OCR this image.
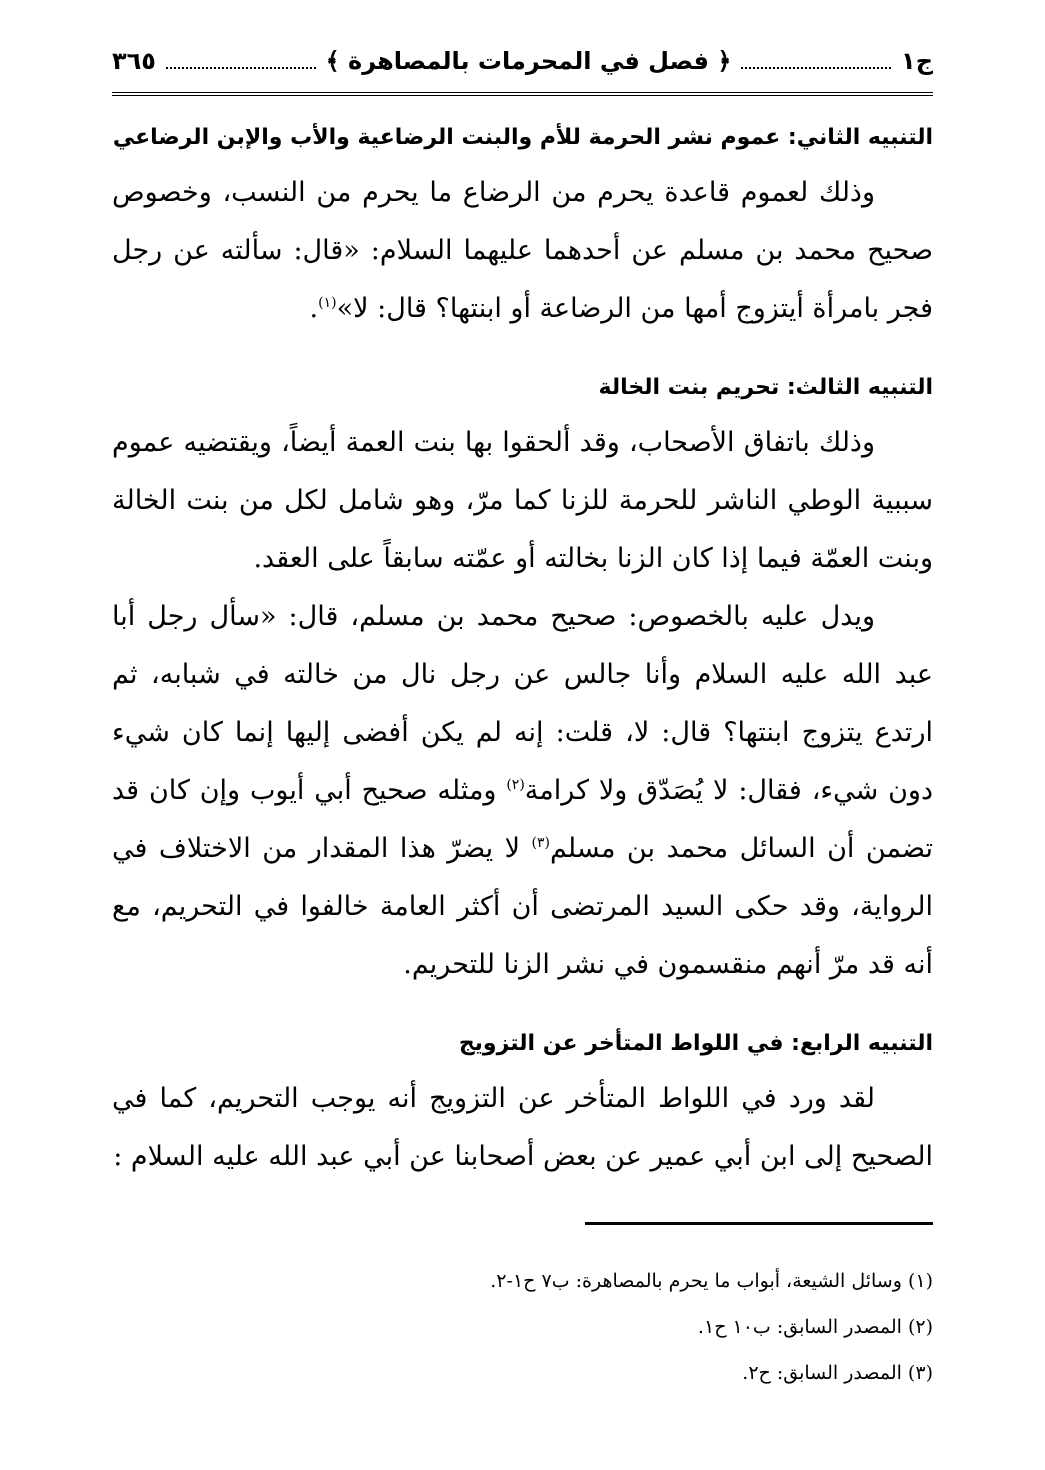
ج١
﴿ فصل في المحرمات بالمصاهرة ﴾
٣٦٥
التنبيه الثاني: عموم نشر الحرمة للأم والبنت الرضاعية والأب والإبن الرضاعي

وذلك لعموم قاعدة يحرم من الرضاع ما يحرم من النسب، وخصوص صحيح محمد بن مسلم عن أحدهما عليهما السلام: «قال: سألته عن رجل فجر بامرأة أيتزوج أمها من الرضاعة أو ابنتها؟ قال: لا»$^{(١)}$.

التنبيه الثالث: تحريم بنت الخالة

وذلك باتفاق الأصحاب، وقد ألحقوا بها بنت العمة أيضاً، ويقتضيه عموم سببية الوطي الناشر للحرمة للزنا كما مرّ، وهو شامل لكل من بنت الخالة وبنت العمّة فيما إذا كان الزنا بخالته أو عمّته سابقاً على العقد.

ويدل عليه بالخصوص: صحيح محمد بن مسلم، قال: «سأل رجل أبا عبد الله عليه السلام وأنا جالس عن رجل نال من خالته في شبابه، ثم ارتدع يتزوج ابنتها؟ قال: لا، قلت: إنه لم يكن أفضى إليها إنما كان شيء دون شيء، فقال: لا يُصَدّق ولا كرامة$^{(٢)}$ ومثله صحيح أبي أيوب وإن كان قد تضمن أن السائل محمد بن مسلم$^{(٣)}$ لا يضرّ هذا المقدار من الاختلاف في الرواية، وقد حكى السيد المرتضى أن أكثر العامة خالفوا في التحريم، مع أنه قد مرّ أنهم منقسمون في نشر الزنا للتحريم.

التنبيه الرابع: في اللواط المتأخر عن التزويج

لقد ورد في اللواط المتأخر عن التزويج أنه يوجب التحريم، كما في الصحيح إلى ابن أبي عمير عن بعض أصحابنا عن أبي عبد الله عليه السلام :

(١) وسائل الشيعة، أبواب ما يحرم بالمصاهرة: ب٧ ح١-٢.
(٢) المصدر السابق: ب١٠ ح١.
(٣) المصدر السابق: ح٢.
